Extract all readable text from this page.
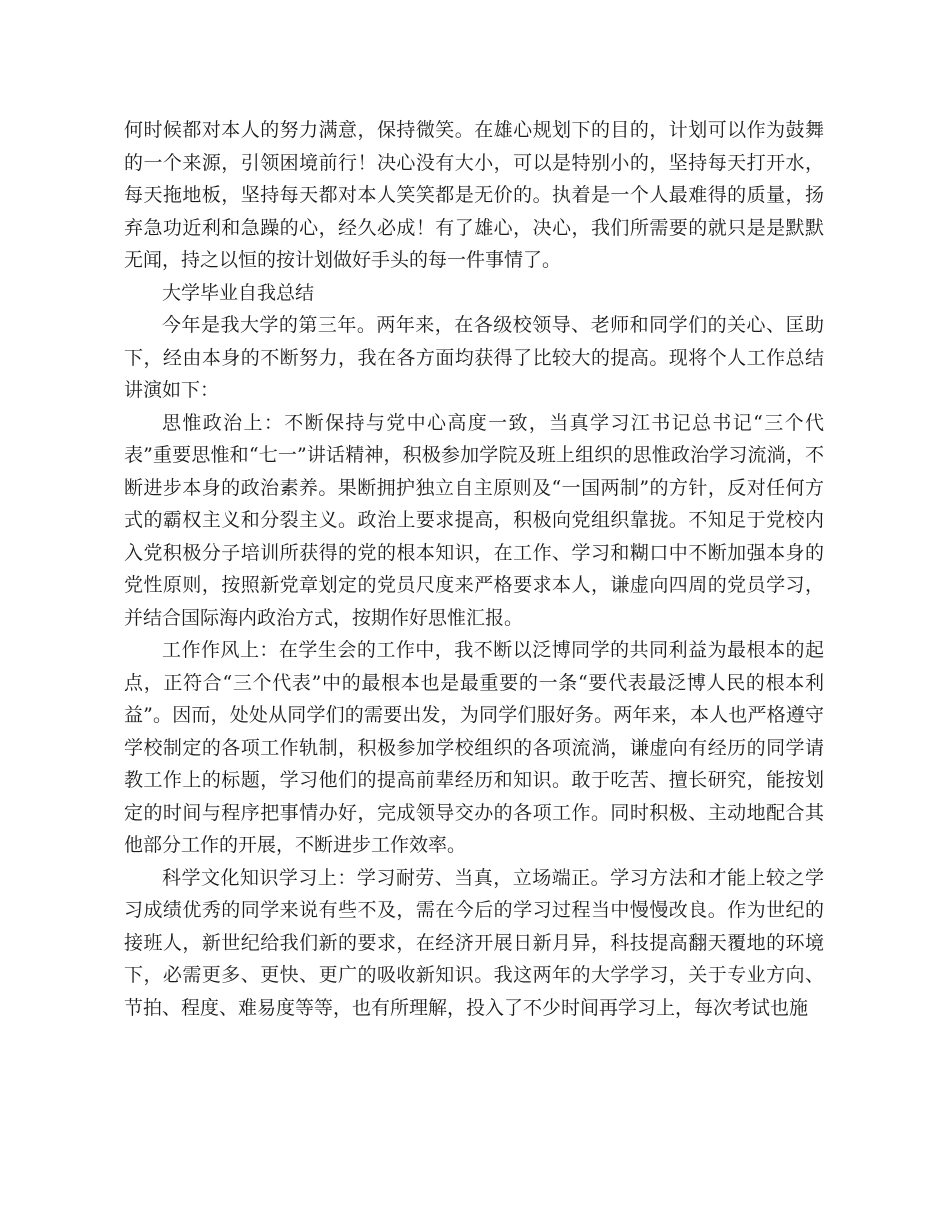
何时候都对本人的努力满意，保持微笑。在雄心规划下的目的，计划可以作为鼓舞的一个来源，引领困境前行！决心没有大小，可以是特别小的，坚持每天打开水，每天拖地板，坚持每天都对本人笑笑都是无价的。执着是一个人最难得的质量，扬弃急功近利和急躁的心，经久必成！有了雄心，决心，我们所需要的就只是是默默无闻，持之以恒的按计划做好手头的每一件事情了。

大学毕业自我总结

今年是我大学的第三年。两年来，在各级校领导、老师和同学们的关心、匡助下，经由本身的不断努力，我在各方面均获得了比较大的提高。现将个人工作总结讲演如下：

思惟政治上：不断保持与党中心高度一致，当真学习江书记总书记“三个代表”重要思惟和“七一”讲话精神，积极参加学院及班上组织的思惟政治学习流淌，不断进步本身的政治素养。果断拥护独立自主原则及“一国两制”的方针，反对任何方式的霸权主义和分裂主义。政治上要求提高，积极向党组织靠拢。不知足于党校内入党积极分子培训所获得的党的根本知识，在工作、学习和糊口中不断加强本身的党性原则，按照新党章划定的党员尺度来严格要求本人，谦虚向四周的党员学习，并结合国际海内政治方式，按期作好思惟汇报。

工作作风上：在学生会的工作中，我不断以泛博同学的共同利益为最根本的起点，正符合“三个代表”中的最根本也是最重要的一条“要代表最泛博人民的根本利益”。因而，处处从同学们的需要出发，为同学们服好务。两年来，本人也严格遵守学校制定的各项工作轨制，积极参加学校组织的各项流淌，谦虚向有经历的同学请教工作上的标题，学习他们的提高前辈经历和知识。敢于吃苦、擅长研究，能按划定的时间与程序把事情办好，完成领导交办的各项工作。同时积极、主动地配合其他部分工作的开展，不断进步工作效率。

科学文化知识学习上：学习耐劳、当真，立场端正。学习方法和才能上较之学习成绩优秀的同学来说有些不及，需在今后的学习过程当中慢慢改良。作为世纪的接班人，新世纪给我们新的要求，在经济开展日新月异，科技提高翻天覆地的环境下，必需更多、更快、更广的吸收新知识。我这两年的大学学习，关于专业方向、节拍、程度、难易度等等，也有所理解，投入了不少时间再学习上，每次考试也施
